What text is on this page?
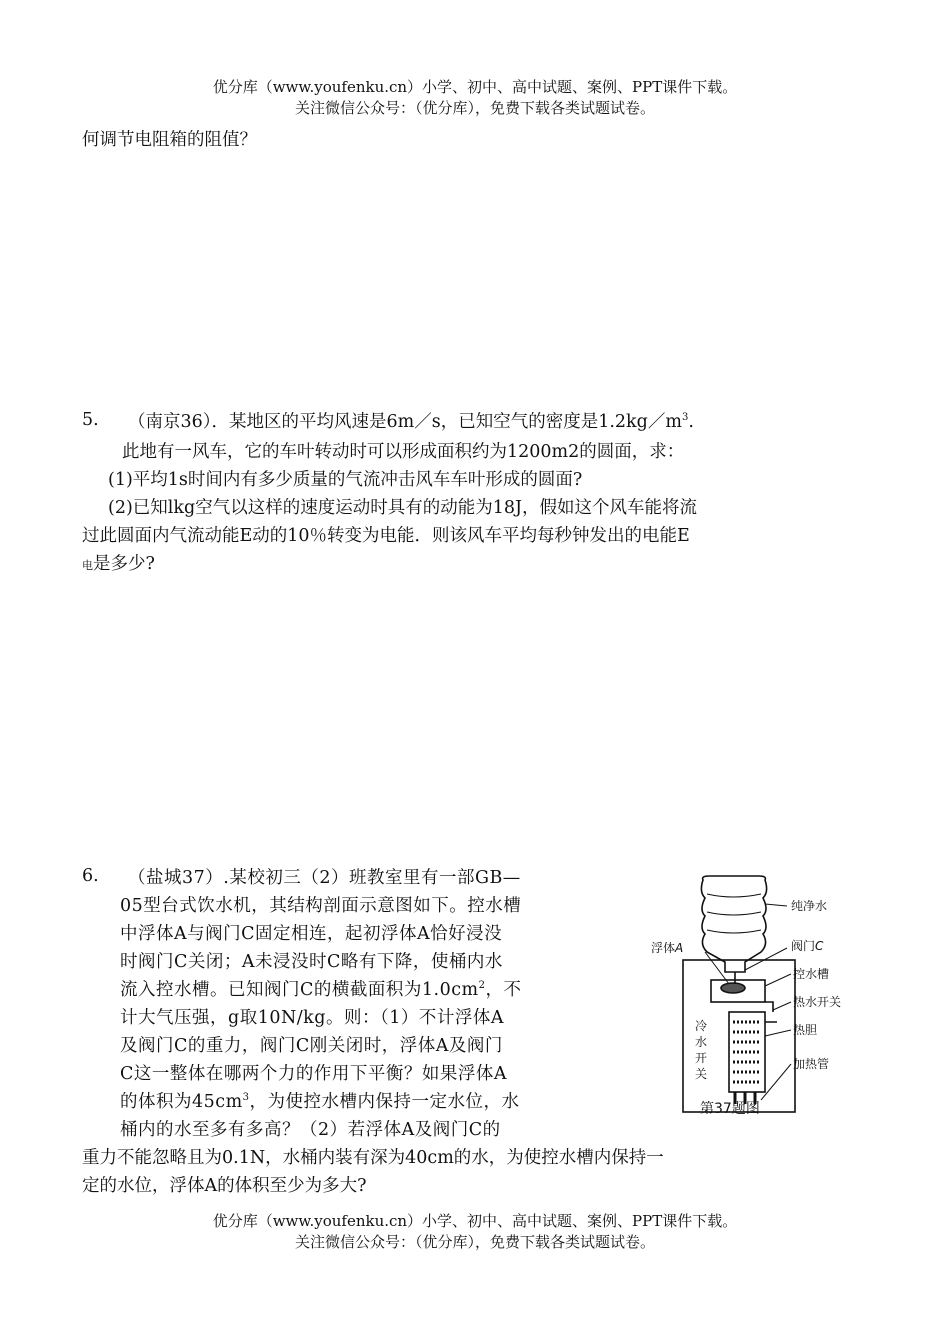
优分库（www.youfenku.cn）小学、初中、高中试题、案例、PPT课件下载。
关注微信公众号：（优分库），免费下载各类试题试卷。
何调节电阻箱的阻值？
5. （南京36）．某地区的平均风速是6m／s，已知空气的密度是$1.2kg/m^3$.
此地有一风车，它的车叶转动时可以形成面积约为1200m2的圆面，求：
(1)平均1s时间内有多少质量的气流冲击风车车叶形成的圆面?
(2)已知lkg空气以这样的速度运动时具有的动能为18J，假如这个风车能将流
过此圆面内气流动能E动的10％转变为电能．则该风车平均每秒钟发出的电能E
电是多少?
6. （盐城37）.某校初三（2）班教室里有一部GB—
05型台式饮水机，其结构剖面示意图如下。控水槽
中浮体A与阀门C固定相连，起初浮体A恰好浸没
时阀门C关闭；A未浸没时C略有下降，使桶内水
流入控水槽。已知阀门C的横截面积为$1.0cm^2$，不
计大气压强，g取10N/kg。则：（1）不计浮体A
及阀门C的重力，阀门C刚关闭时，浮体A及阀门
C这一整体在哪两个力的作用下平衡？如果浮体A
的体积为$45cm^3$，为使控水槽内保持一定水位，水
桶内的水至多有多高？（2）若浮体A及阀门C的
重力不能忽略且为0.1N，水桶内装有深为40cm的水，为使控水槽内保持一
定的水位，浮体A的体积至少为多大?
纯净水
浮体A	阀门C
控水槽
热水开关
热胆
加热管
冷
水
开
关
第37题图
优分库（www.youfenku.cn）小学、初中、高中试题、案例、PPT课件下载。
关注微信公众号：（优分库），免费下载各类试题试卷。
